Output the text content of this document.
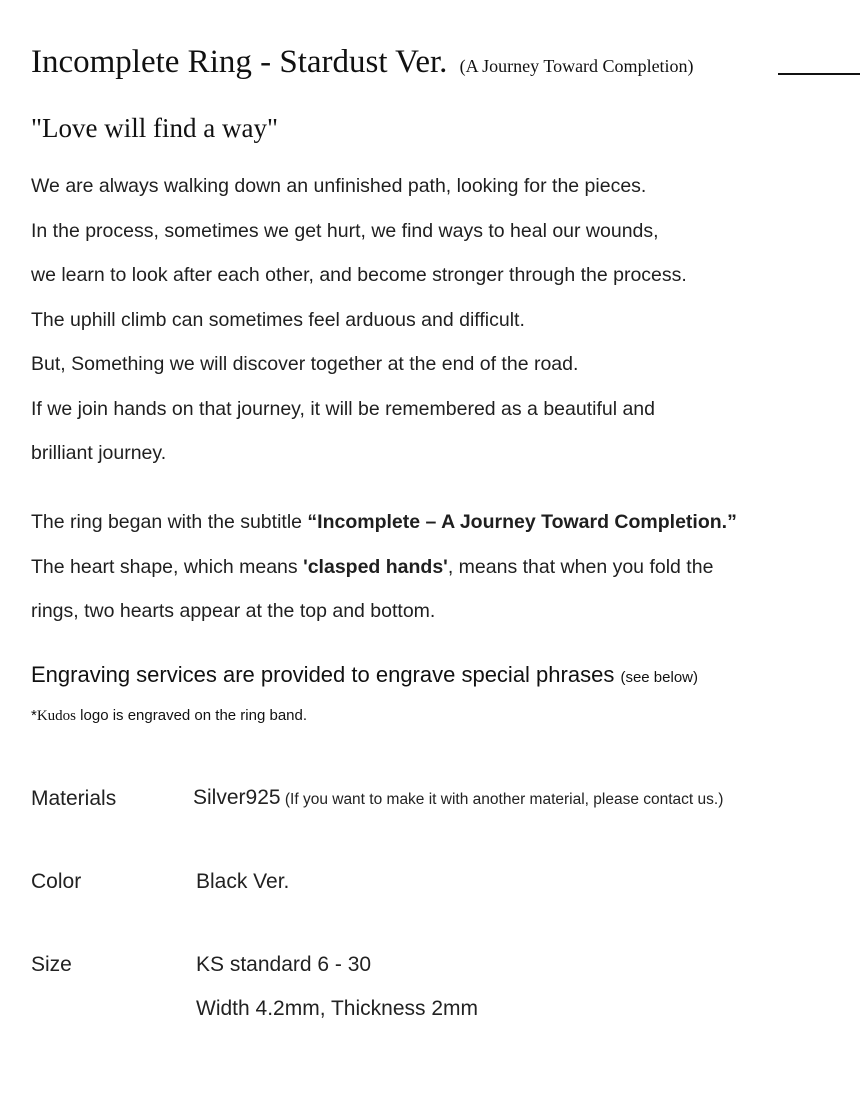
Incomplete Ring - Stardust Ver. (A Journey Toward Completion)
"Love will find a way"
We are always walking down an unfinished path, looking for the pieces.
In the process, sometimes we get hurt, we find ways to heal our wounds,
we learn to look after each other, and become stronger through the process.
The uphill climb can sometimes feel arduous and difficult.
But, Something we will discover together at the end of the road.
If we join hands on that journey, it will be remembered as a beautiful and
brilliant journey.
The ring began with the subtitle “Incomplete – A Journey Toward Completion.”
The heart shape, which means 'clasped hands', means that when you fold the
rings, two hearts appear at the top and bottom.
Engraving services are provided to engrave special phrases (see below)
*Kudos logo is engraved on the ring band.
Materials	Silver925 (If you want to make it with another material, please contact us.)
Color	Black Ver.
Size	KS standard 6 - 30
Width 4.2mm, Thickness 2mm
